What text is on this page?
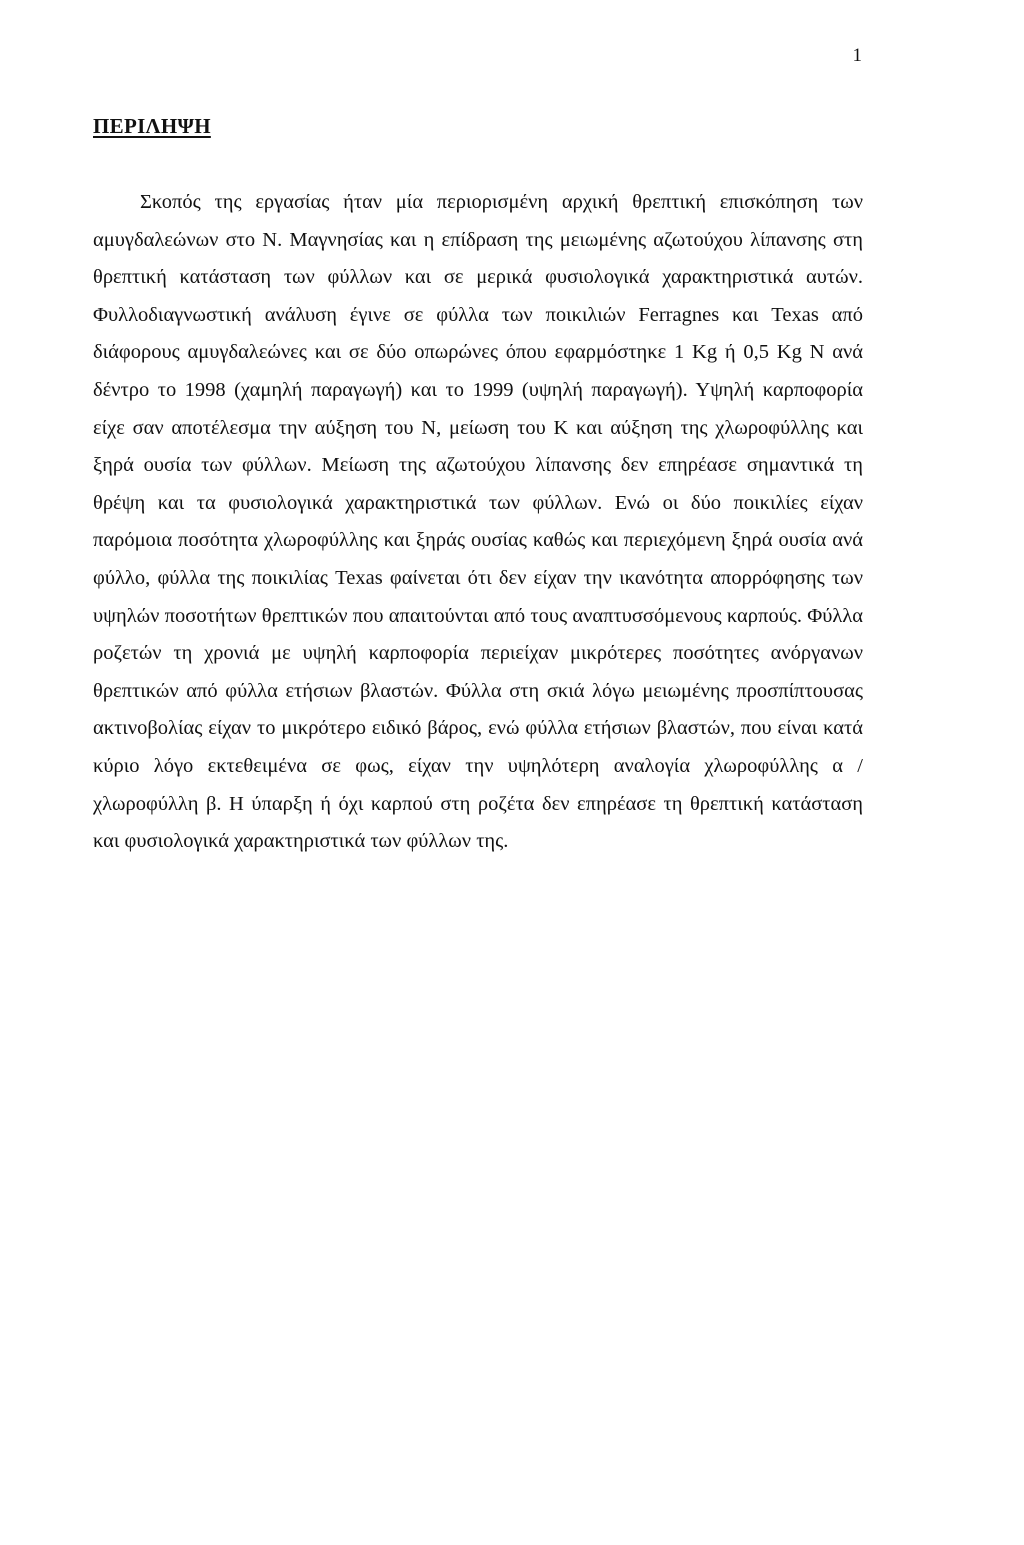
1
ΠΕΡΙΛΗΨΗ

Σκοπός της εργασίας ήταν μία περιορισμένη αρχική θρεπτική επισκόπηση των αμυγδαλεώνων στο Ν. Μαγνησίας και η επίδραση της μειωμένης αζωτούχου λίπανσης στη θρεπτική κατάσταση των φύλλων και σε μερικά φυσιολογικά χαρακτηριστικά αυτών. Φυλλοδιαγνωστική ανάλυση έγινε σε φύλλα των ποικιλιών Ferragnes και Texas από διάφορους αμυγδαλεώνες και σε δύο οπωρώνες όπου εφαρμόστηκε 1 Kg ή 0,5 Kg N ανά δέντρο το 1998 (χαμηλή παραγωγή) και το 1999 (υψηλή παραγωγή). Υψηλή καρποφορία είχε σαν αποτέλεσμα την αύξηση του Ν, μείωση του Κ και αύξηση της χλωροφύλλης και ξηρά ουσία των φύλλων. Μείωση της αζωτούχου λίπανσης δεν επηρέασε σημαντικά τη θρέψη και τα φυσιολογικά χαρακτηριστικά των φύλλων. Ενώ οι δύο ποικιλίες είχαν παρόμοια ποσότητα χλωροφύλλης και ξηράς ουσίας καθώς και περιεχόμενη ξηρά ουσία ανά φύλλο, φύλλα της ποικιλίας Texas φαίνεται ότι δεν είχαν την ικανότητα απορρόφησης των υψηλών ποσοτήτων θρεπτικών που απαιτούνται από τους αναπτυσσόμενους καρπούς. Φύλλα ροζετών τη χρονιά με υψηλή καρποφορία περιείχαν μικρότερες ποσότητες ανόργανων θρεπτικών από φύλλα ετήσιων βλαστών. Φύλλα στη σκιά λόγω μειωμένης προσπίπτουσας ακτινοβολίας είχαν το μικρότερο ειδικό βάρος, ενώ φύλλα ετήσιων βλαστών, που είναι κατά κύριο λόγο εκτεθειμένα σε φως, είχαν την υψηλότερη αναλογία χλωροφύλλης α / χλωροφύλλη β. Η ύπαρξη ή όχι καρπού στη ροζέτα δεν επηρέασε τη θρεπτική κατάσταση και φυσιολογικά χαρακτηριστικά των φύλλων της.
